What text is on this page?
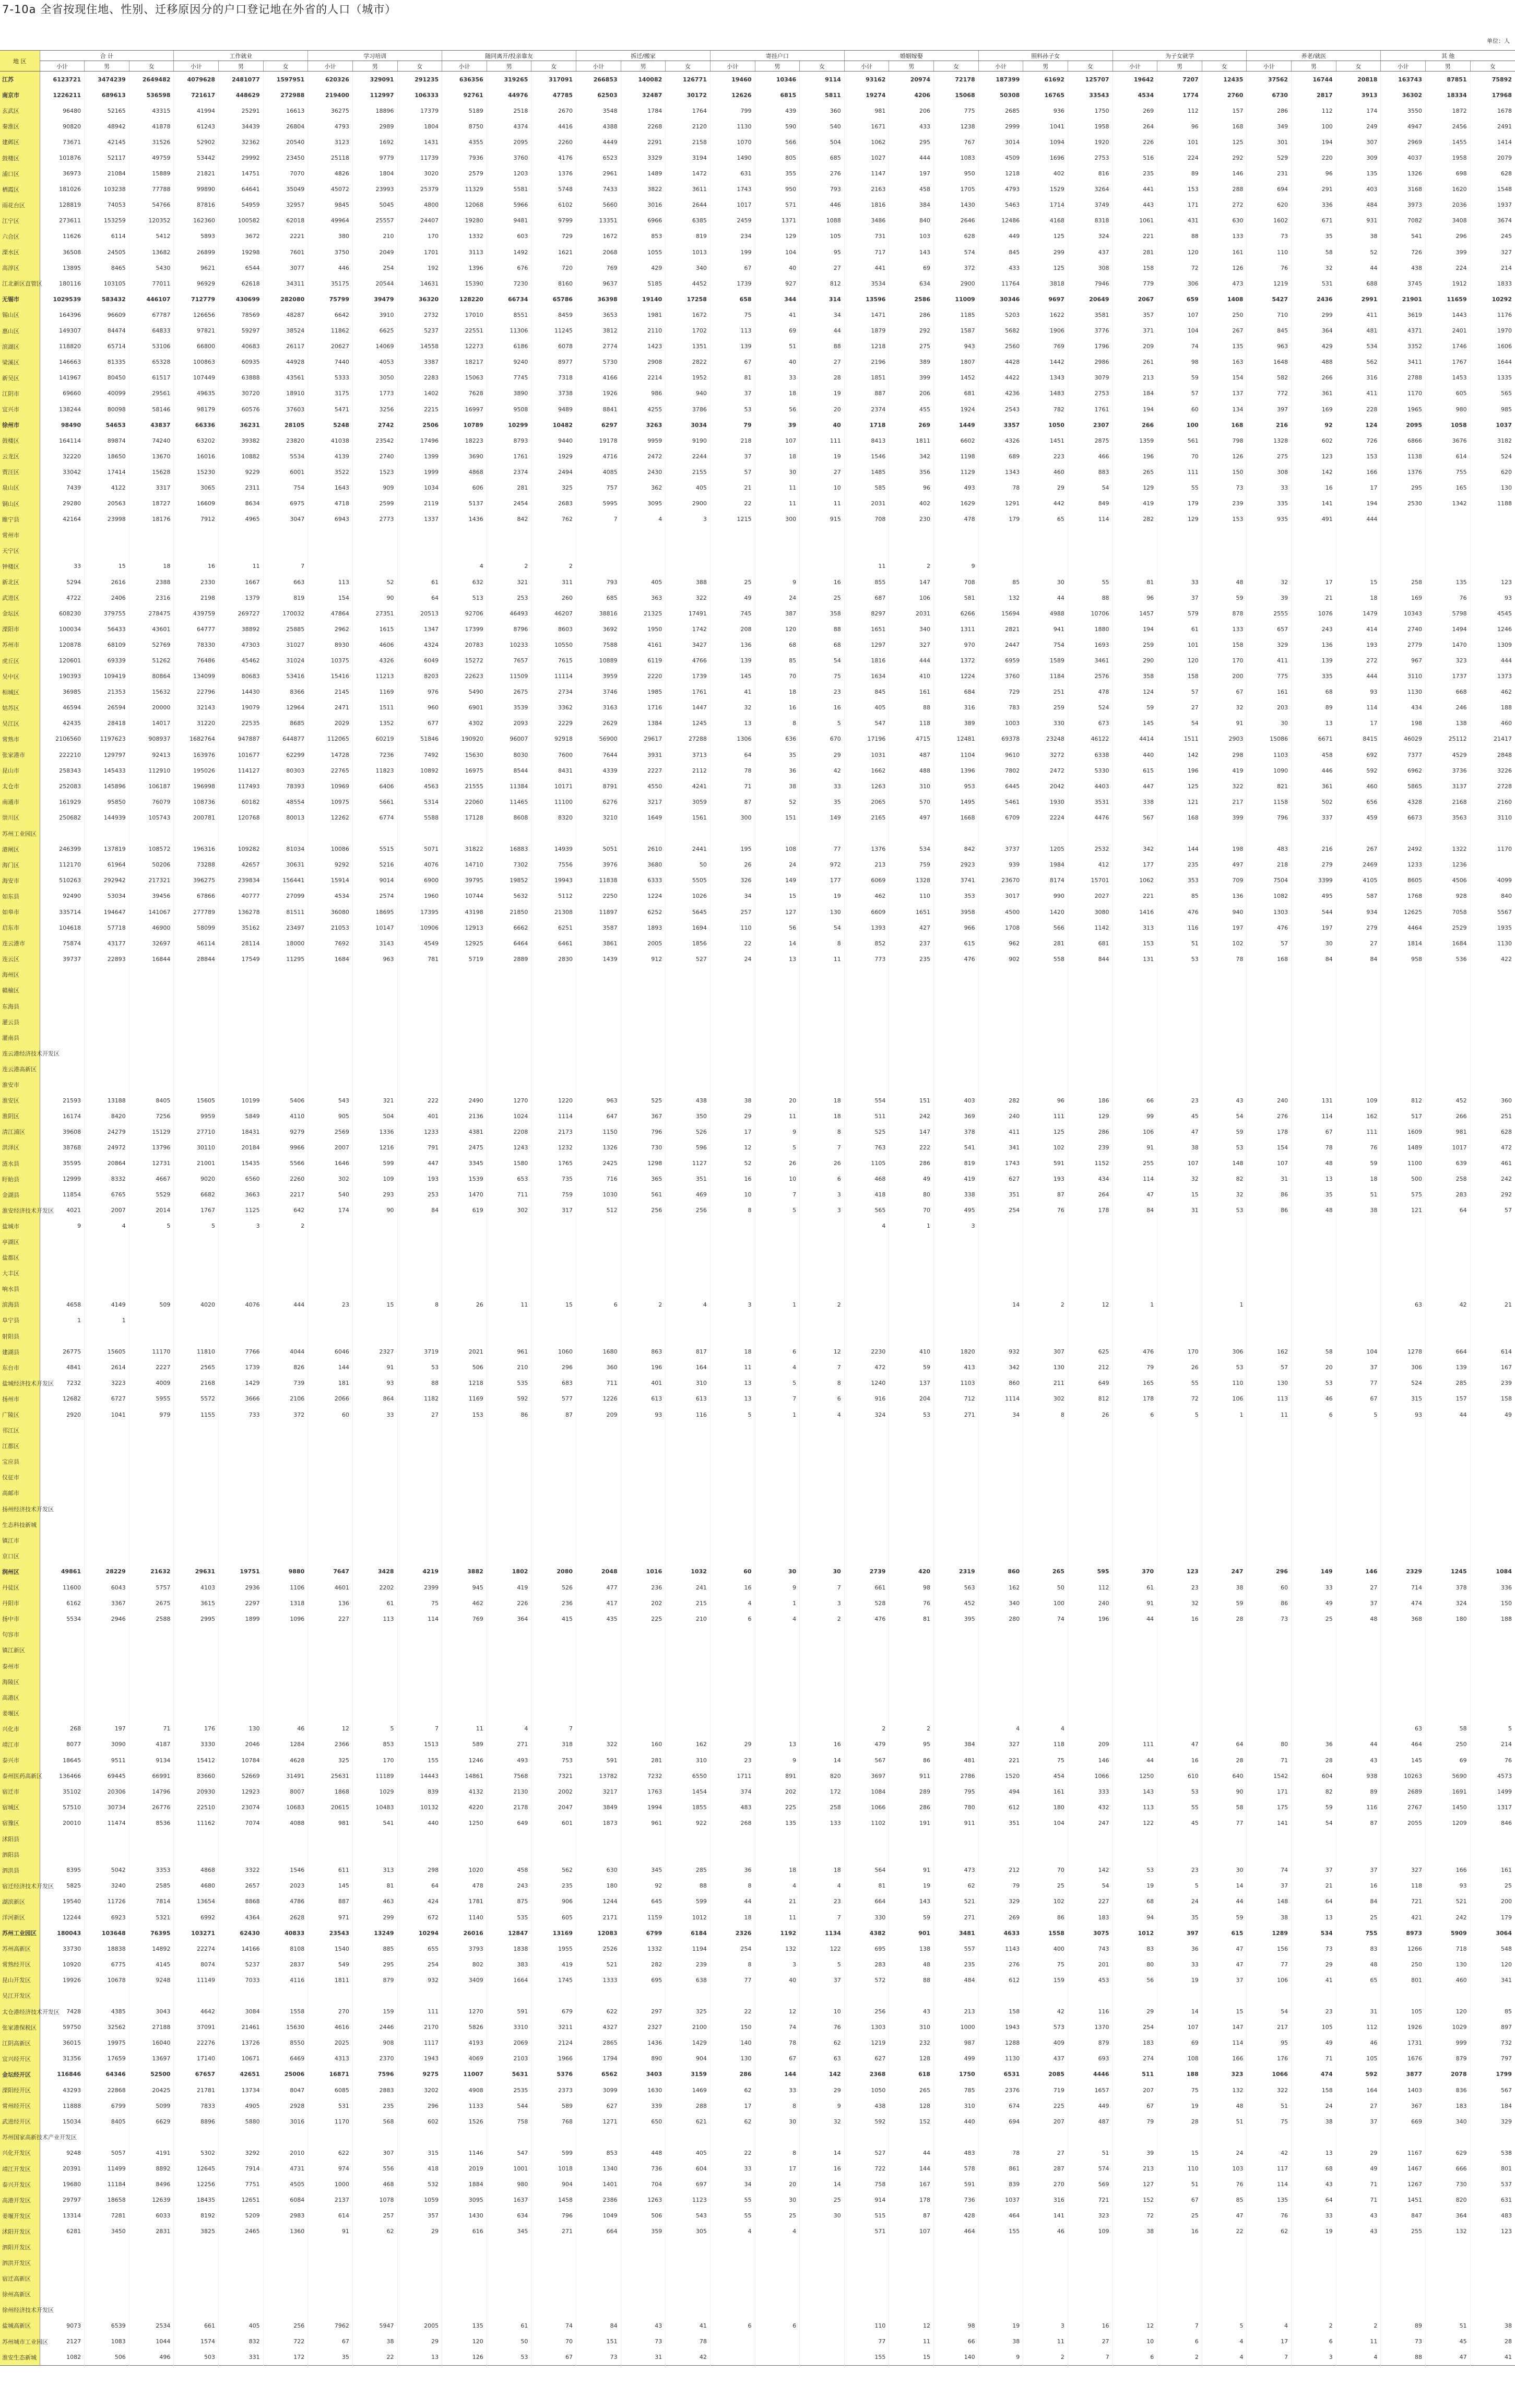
7-10a 全省按现住地、性别、迁移原因分的户口登记地在外省的人口（城市）
单位：人
地 区	合 计			工作就业			学习培训			随同离开/投亲靠友			拆迁/搬家			寄挂户口			婚姻嫁娶			照料孙子女			为子女就学			养老/就医			其 他		
	小计	男	女	小计	男	女	小计	男	女	小计	男	女	小计	男	女	小计	男	女	小计	男	女	小计	男	女	小计	男	女	小计	男	女	小计	男	女
江苏	6123721	3474239	2649482	4079628	2481077	1597951	620326	329091	291235	636356	319265	317091	266853	140082	126771	19460	10346	9114	93162	20974	72178	187399	61692	125707	19642	7207	12435	37562	16744	20818	163743	87851	75892
南京市	1226211	689613	536598	721617	448629	272988	219400	112997	106333	92761	44976	47785	62503	32487	30172	12626	6815	5811	19274	4206	15068	50308	16765	33543	4534	1774	2760	6730	2817	3913	36302	18334	17968
玄武区	96480	52165	43315	41994	25291	16613	36275	18896	17379	5189	2518	2670	3548	1784	1764	799	439	360	981	206	775	2685	936	1750	269	112	157	286	112	174	3550	1872	1678
秦淮区	90820	48942	41878	61243	34439	26804	4793	2989	1804	8750	4374	4416	4388	2268	2120	1130	590	540	1671	433	1238	2999	1041	1958	264	96	168	349	100	249	4947	2456	2491
建邺区	73671	42145	31526	52902	32362	20540	3123	1692	1431	4355	2095	2260	4449	2291	2158	1070	566	504	1062	295	767	3014	1094	1920	226	101	125	301	194	307	2969	1455	1414
鼓楼区	101876	52117	49759	53442	29992	23450	25118	9779	11739	7936	3760	4176	6523	3329	3194	1490	805	685	1027	444	1083	4509	1696	2753	516	224	292	529	220	309	4037	1958	2079
浦口区	36973	21084	15889	21821	14751	7070	4826	1804	3020	2579	1203	1376	2961	1489	1472	631	355	276	1147	197	950	1218	402	816	235	89	146	231	96	135	1326	698	628
栖霞区	181026	103238	77788	99890	64641	35049	45072	23993	25379	11329	5581	5748	7433	3822	3611	1743	950	793	2163	458	1705	4793	1529	3264	441	153	288	694	291	403	3168	1620	1548
雨花台区	128819	74053	54766	87816	54959	32957	9845	5045	4800	12068	5966	6102	5660	3016	2644	1017	571	446	1816	384	1430	5463	1714	3749	443	171	272	620	336	484	3973	2036	1937
江宁区	273611	153259	120352	162360	100582	62018	49964	25557	24407	19280	9481	9799	13351	6966	6385	2459	1371	1088	3486	840	2646	12486	4168	8318	1061	431	630	1602	671	931	7082	3408	3674
六合区	11626	6114	5412	5893	3672	2221	380	210	170	1332	603	729	1672	853	819	234	129	105	731	103	628	449	125	324	221	88	133	73	35	38	541	296	245
溧水区	36508	24505	13682	26899	19298	7601	3750	2049	1701	3113	1492	1621	2068	1055	1013	199	104	95	717	143	574	845	299	437	281	120	161	110	58	52	726	399	327
高淳区	13895	8465	5430	9621	6544	3077	446	254	192	1396	676	720	769	429	340	67	40	27	441	69	372	433	125	308	158	72	126	76	32	44	438	224	214
江北新区直管区	180116	103105	77011	96929	62618	34311	35175	20544	14631	15390	7230	8160	9637	5185	4452	1739	927	812	3534	634	2900	11764	3818	7946	779	306	473	1219	531	688	3745	1912	1833
无锡市	1029539	583432	446107	712779	430699	282080	75799	39479	36320	128220	66734	65786	36398	19140	17258	658	344	314	13596	2586	11009	30346	9697	20649	2067	659	1408	5427	2436	2991	21901	11659	10292
锡山区	164396	96609	67787	126656	78569	48287	6642	3910	2732	17010	8551	8459	3653	1981	1672	75	41	34	1471	286	1185	5203	1622	3581	357	107	250	710	299	411	3619	1443	1176
惠山区	149307	84474	64833	97821	59297	38524	11862	6625	5237	22551	11306	11245	3812	2110	1702	113	69	44	1879	292	1587	5682	1906	3776	371	104	267	845	364	481	4371	2401	1970
滨湖区	118820	65714	53106	66800	40683	26117	20627	14069	14558	12273	6186	6078	2774	1423	1351	139	51	88	1218	275	943	2560	769	1796	209	74	135	963	429	534	3352	1746	1606
梁溪区	146663	81335	65328	100863	60935	44928	7440	4053	3387	18217	9240	8977	5730	2908	2822	67	40	27	2196	389	1807	4428	1442	2986	261	98	163	1648	488	562	3411	1767	1644
新吴区	141967	80450	61517	107449	63888	43561	5333	3050	2283	15063	7745	7318	4166	2214	1952	81	33	28	1851	399	1452	4422	1343	3079	213	59	154	582	266	316	2788	1453	1335
江阴市	69660	40099	29561	49635	30720	18910	3175	1773	1402	7628	3890	3738	1926	986	940	37	18	19	887	206	681	4236	1483	2753	184	57	137	772	361	411	1170	605	565
宜兴市	138244	80098	58146	98179	60576	37603	5471	3256	2215	16997	9508	9489	8841	4255	3786	53	56	20	2374	455	1924	2543	782	1761	194	60	134	397	169	228	1965	980	985
徐州市	98490	54653	43837	66336	36231	28105	5248	2742	2506	10789	10299	10482	6297	3263	3034	79	39	40	1718	269	1449	3357	1050	2307	266	100	168	216	92	124	2095	1058	1037
鼓楼区	164114	89874	74240	63202	39382	23820	41038	23542	17496	18223	8793	9440	19178	9959	9190	218	107	111	8413	1811	6602	4326	1451	2875	1359	561	798	1328	602	726	6866	3676	3182
云龙区	32220	18650	13670	16016	10882	5534	4139	2740	1399	3690	1761	1929	4716	2472	2244	37	18	19	1546	342	1198	689	223	466	196	70	126	275	123	153	1138	614	524
贾汪区	33042	17414	15628	15230	9229	6001	3522	1523	1999	4868	2374	2494	4085	2430	2155	57	30	27	1485	356	1129	1343	460	883	265	111	150	308	142	166	1376	755	620
泉山区	7439	4122	3317	3065	2311	754	1643	909	1034	606	281	325	757	362	405	21	11	10	585	96	493	78	29	54	129	55	73	33	16	17	295	165	130
铜山区	29280	20563	18727	16609	8634	6975	4718	2599	2119	5137	2454	2683	5995	3095	2900	22	11	11	2031	402	1629	1291	442	849	419	179	239	335	141	194	2530	1342	1188
睢宁县	42164	23998	18176	7912	4965	3047	6943	2773	1337	1436	842	762	7	4	3	1215	300	915	708	230	478	179	65	114	282	129	153	935	491	444			
常州市																																	
天宁区																																	
钟楼区	33	15	18	16	11	7				4	2	2							11	2	9												
新北区	5294	2616	2388	2330	1667	663	113	52	61	632	321	311	793	405	388	25	9	16	855	147	708	85	30	55	81	33	48	32	17	15	258	135	123
武进区	4722	2406	2316	2198	1379	819	154	90	64	513	253	260	685	363	322	49	24	25	687	106	581	132	44	88	96	37	59	39	21	18	169	76	93
金坛区	608230	379755	278475	439759	269727	170032	47864	27351	20513	92706	46493	46207	38816	21325	17491	745	387	358	8297	2031	6266	15694	4988	10706	1457	579	878	2555	1076	1479	10343	5798	4545
溧阳市	100034	56433	43601	64777	38892	25885	2962	1615	1347	17399	8796	8603	3692	1950	1742	208	120	88	1651	340	1311	2821	941	1880	194	61	133	657	243	414	2740	1494	1246
苏州市	120878	68109	52769	78330	47303	31027	8930	4606	4324	20783	10233	10550	7588	4161	3427	136	68	68	1297	327	970	2447	754	1693	259	101	158	329	136	193	2779	1470	1309
虎丘区	120601	69339	51262	76486	45462	31024	10375	4326	6049	15272	7657	7615	10889	6119	4766	139	85	54	1816	444	1372	6959	1589	3461	290	120	170	411	139	272	967	323	444
吴中区	190393	109419	80864	134099	80683	53416	15416	11213	8203	22623	11509	11114	3959	2220	1739	145	70	75	1634	410	1224	3760	1184	2576	358	158	200	775	335	444	3110	1737	1373
相城区	36985	21353	15632	22796	14430	8366	2145	1169	976	5490	2675	2734	3746	1985	1761	41	18	23	845	161	684	729	251	478	124	57	67	161	68	93	1130	668	462
姑苏区	46594	26594	20000	32143	19079	12964	2471	1511	960	6901	3539	3362	3163	1716	1447	32	16	16	405	88	316	783	259	524	59	27	32	203	89	114	434	246	188
吴江区	42435	28418	14017	31220	22535	8685	2029	1352	677	4302	2093	2229	2629	1384	1245	13	8	5	547	118	389	1003	330	673	145	54	91	30	13	17	198	138	460
常熟市	2106560	1197623	908937	1682764	947887	644877	112065	60219	51846	190920	96007	92918	56900	29617	27288	1306	636	670	17196	4715	12481	69378	23248	46122	4414	1511	2903	15086	6671	8415	46029	25112	21417
张家港市	222210	129797	92413	163976	101677	62299	14728	7236	7492	15630	8030	7600	7644	3931	3713	64	35	29	1031	487	1104	9610	3272	6338	440	142	298	1103	458	692	7377	4529	2848
昆山市	258343	145433	112910	195026	114127	80303	22765	11823	10892	16975	8544	8431	4339	2227	2112	78	36	42	1662	488	1396	7802	2472	5330	615	196	419	1090	446	592	6962	3736	3226
太仓市	252083	145896	106187	196998	117493	78393	10969	6406	4563	21555	11384	10171	8791	4550	4241	71	38	33	1263	310	953	6445	2042	4403	447	125	322	821	361	460	5865	3137	2728
南通市	161929	95850	76079	108736	60182	48554	10975	5661	5314	22060	11465	11100	6276	3217	3059	87	52	35	2065	570	1495	5461	1930	3531	338	121	217	1158	502	656	4328	2168	2160
崇川区	250682	144939	105743	200781	120768	80013	12262	6774	5588	17128	8608	8320	3210	1649	1561	300	151	149	2165	497	1668	6709	2224	4476	567	168	399	796	337	459	6673	3563	3110
苏州工业园区																																	
港闸区	246399	137819	108572	196316	109282	81034	10086	5515	5071	31822	16883	14939	5051	2610	2441	195	108	77	1376	534	842	3737	1205	2532	342	144	198	483	216	267	2492	1322	1170
海门区	112170	61964	50206	73288	42657	30631	9292	5216	4076	14710	7302	7556	3976	3680	50	26	24	972	213	759	2923	939	1984	412	177	235	497	218	279	2469	1233	1236	
海安市	510263	292942	217321	396275	239834	156441	15914	9014	6900	39795	19852	19943	11838	6333	5505	326	149	177	6069	1328	3741	23670	8174	15701	1062	353	709	7504	3399	4105	8605	4506	4099
如东县	92490	53034	39456	67866	40777	27099	4534	2574	1960	10744	5632	5112	2250	1224	1026	34	15	19	462	110	353	3017	990	2027	221	85	136	1082	495	587	1768	928	840
如皋市	335714	194647	141067	277789	136278	81511	36080	18695	17395	43198	21850	21308	11897	6252	5645	257	127	130	6609	1651	3958	4500	1420	3080	1416	476	940	1303	544	934	12625	7058	5567
启东市	104618	57718	46900	58099	35162	23497	21053	10147	10906	12913	6662	6251	3587	1893	1694	110	56	54	1393	427	966	1708	566	1142	313	116	197	476	197	279	4464	2529	1935
连云港市	75874	43177	32697	46114	28114	18000	7692	3143	4549	12925	6464	6461	3861	2005	1856	22	14	8	852	237	615	962	281	681	153	51	102	57	30	27	1814	1684	1130
连云区	39737	22893	16844	28844	17549	11295	1684	963	781	5719	2889	2830	1439	912	527	24	13	11	773	235	476	902	558	844	131	53	78	168	84	84	958	536	422
海州区																																	
赣榆区																																	
东海县																																	
灌云县																																	
灌南县																																	
连云港经济技术开发区																																	
连云港高新区																																	
淮安市																																	
淮安区	21593	13188	8405	15605	10199	5406	543	321	222	2490	1270	1220	963	525	438	38	20	18	554	151	403	282	96	186	66	23	43	240	131	109	812	452	360
淮阴区	16174	8420	7256	9959	5849	4110	905	504	401	2136	1024	1114	647	367	350	29	11	18	511	242	369	240	111	129	99	45	54	276	114	162	517	266	251
清江浦区	39608	24279	15129	27710	18431	9279	2569	1336	1233	4381	2208	2173	1150	796	526	17	9	8	525	147	378	411	125	286	106	47	59	178	67	111	1609	981	628
洪泽区	38768	24972	13796	30110	20184	9966	2007	1216	791	2475	1243	1232	1326	730	596	12	5	7	763	222	541	341	102	239	91	38	53	154	78	76	1489	1017	472
涟水县	35595	20864	12731	21001	15435	5566	1646	599	447	3345	1580	1765	2425	1298	1127	52	26	26	1105	286	819	1743	591	1152	255	107	148	107	48	59	1100	639	461
盱眙县	12999	8332	4667	9020	6560	2260	302	109	193	1539	653	735	716	365	351	16	10	6	468	49	419	627	193	434	114	32	82	31	13	18	500	258	242
金湖县	11854	6765	5529	6682	3663	2217	540	293	253	1470	711	759	1030	561	469	10	7	3	418	80	338	351	87	264	47	15	32	86	35	51	575	283	292
淮安经济技术开发区	4021	2007	2014	1767	1125	642	174	90	84	619	302	317	512	256	256	8	5	3	565	70	495	254	76	178	84	31	53	86	48	38	121	64	57
盐城市	9	4	5	5	3	2													4	1	3												
亭湖区																																	
盐都区																																	
大丰区																																	
响水县																																	
滨海县	4658	4149	509	4020	4076	444	23	15	8	26	11	15	6	2	4	3	1	2				14	2	12	1		1				63	42	21
阜宁县	1	1																															
射阳县																																	
建湖县	26775	15605	11170	11810	7766	4044	6046	2327	3719	2021	961	1060	1680	863	817	18	6	12	2230	410	1820	932	307	625	476	170	306	162	58	104	1278	664	614
东台市	4841	2614	2227	2565	1739	826	144	91	53	506	210	296	360	196	164	11	4	7	472	59	413	342	130	212	79	26	53	57	20	37	306	139	167
盐城经济技术开发区	7232	3223	4009	2168	1429	739	181	93	88	1218	535	683	711	401	310	13	5	8	1240	137	1103	860	211	649	165	55	110	130	53	77	524	285	239
扬州市	12682	6727	5955	5572	3666	2106	2066	864	1182	1169	592	577	1226	613	613	13	7	6	916	204	712	1114	302	812	178	72	106	113	46	67	315	157	158
广陵区	2920	1041	979	1155	733	372	60	33	27	153	86	87	209	93	116	5	1	4	324	53	271	34	8	26	6	5	1	11	6	5	93	44	49
邗江区																																	
江都区																																	
宝应县																																	
仪征市																																	
高邮市																																	
扬州经济技术开发区																																	
生态科技新城																																	
镇江市																																	
京口区																																	
润州区	49861	28229	21632	29631	19751	9880	7647	3428	4219	3882	1802	2080	2048	1016	1032	60	30	30	2739	420	2319	860	265	595	370	123	247	296	149	146	2329	1245	1084
丹徒区	11600	6043	5757	4103	2936	1106	4601	2202	2399	945	419	526	477	236	241	16	9	7	661	98	563	162	50	112	61	23	38	60	33	27	714	378	336
丹阳市	6162	3367	2675	3615	2297	1318	136	61	75	462	226	236	417	202	215	4	1	3	528	76	452	340	100	240	91	32	59	86	49	37	474	324	150
扬中市	5534	2946	2588	2995	1899	1096	227	113	114	769	364	415	435	225	210	6	4	2	476	81	395	280	74	196	44	16	28	73	25	48	368	180	188
句容市																																	
镇江新区																																	
泰州市																																	
海陵区																																	
高港区																																	
姜堰区																																	
兴化市	268	197	71	176	130	46	12	5	7	11	4	7							2	2		4	4								63	58	5
靖江市	8077	3090	4187	3330	2046	1284	2366	853	1513	589	271	318	322	160	162	29	13	16	479	95	384	327	118	209	111	47	64	80	36	44	464	250	214
泰兴市	18645	9511	9134	15412	10784	4628	325	170	155	1246	493	753	591	281	310	23	9	14	567	86	481	221	75	146	44	16	28	71	28	43	145	69	76
泰州医药高新区	136466	69445	66991	83660	52669	31491	25631	11189	14443	14861	7568	7321	13782	7232	6550	1711	891	820	3697	911	2786	1520	454	1066	1250	610	640	1542	604	938	10263	5690	4573
宿迁市	35102	20306	14796	20930	12923	8007	1868	1029	839	4132	2130	2002	3217	1763	1454	374	202	172	1084	289	795	494	161	333	143	53	90	171	82	89	2689	1691	1499
宿城区	57510	30734	26776	22510	23074	10683	20615	10483	10132	4220	2178	2047	3849	1994	1855	483	225	258	1066	286	780	612	180	432	113	55	58	175	59	116	2767	1450	1317
宿豫区	20010	11474	8536	11162	7074	4088	981	541	440	1250	649	601	1873	961	922	268	135	133	1102	191	911	351	104	247	122	45	77	141	54	87	2055	1209	846
沭阳县																																	
泗阳县																																	
泗洪县	8395	5042	3353	4868	3322	1546	611	313	298	1020	458	562	630	345	285	36	18	18	564	91	473	212	70	142	53	23	30	74	37	37	327	166	161
宿迁经济技术开发区	5825	3240	2585	4680	2657	2023	145	81	64	478	243	235	180	92	88	8	4	4	81	19	62	79	25	54	19	5	14	37	21	16	118	93	25
湖滨新区	19540	11726	7814	13654	8868	4786	887	463	424	1781	875	906	1244	645	599	44	21	23	664	143	521	329	102	227	68	24	44	148	64	84	721	521	200
洋河新区	12244	6923	5321	6992	4364	2628	971	299	672	1140	535	605	2171	1159	1012	18	11	7	330	59	271	269	86	183	94	35	59	38	13	25	421	242	179
苏州工业园区	180043	103648	76395	103271	62430	40833	23543	13249	10294	26016	12847	13169	12083	6799	6184	2326	1192	1134	4382	901	3481	4633	1558	3075	1012	397	615	1289	534	755	8973	5909	3064
苏州高新区	33730	18838	14892	22274	14166	8108	1540	885	655	3793	1838	1955	2526	1332	1194	254	132	122	695	138	557	1143	400	743	83	36	47	156	73	83	1266	718	548
常熟经开区	10920	6775	4145	8074	5237	2837	549	295	254	802	383	419	521	282	239	8	3	5	283	48	235	276	75	201	80	33	47	77	29	48	250	130	120
昆山开发区	19926	10678	9248	11149	7033	4116	1811	879	932	3409	1664	1745	1333	695	638	77	40	37	572	88	484	612	159	453	56	19	37	106	41	65	801	460	341
吴江开发区																																	
太仓港经济技术开发区	7428	4385	3043	4642	3084	1558	270	159	111	1270	591	679	622	297	325	22	12	10	256	43	213	158	42	116	29	14	15	54	23	31	105	120	85
张家港保税区	59750	32562	27188	37091	21461	15630	4616	2446	2170	5826	3310	3211	4327	2327	2100	150	74	76	1303	310	1000	1943	573	1370	254	107	147	217	105	112	1926	1029	897
江阴高新区	36015	19975	16040	22276	13726	8550	2025	908	1117	4193	2069	2124	2865	1436	1429	140	78	62	1219	232	987	1288	409	879	183	69	114	95	49	46	1731	999	732
宜兴经开区	31356	17659	13697	17140	10671	6469	4313	2370	1943	4069	2103	1966	1794	890	904	130	67	63	627	128	499	1130	437	693	274	108	166	176	71	105	1676	879	797
金坛经开区	116846	64346	52500	67657	42651	25006	16871	7596	9275	11007	5631	5376	6562	3403	3159	286	144	142	2368	618	1750	6531	2085	4446	511	188	323	1066	474	592	3877	2078	1799
溧阳经开区	43293	22868	20425	21781	13734	8047	6085	2883	3202	4908	2535	2373	3099	1630	1469	62	33	29	1050	265	785	2376	719	1657	207	75	132	322	158	164	1403	836	567
常州经开区	11888	6799	5099	7833	4905	2928	531	235	296	1133	544	589	627	339	288	17	8	9	438	128	310	674	225	449	67	19	48	51	24	27	367	183	184
武进经开区	15034	8405	6629	8896	5880	3016	1170	568	602	1526	758	768	1271	650	621	62	30	32	592	152	440	694	207	487	79	28	51	75	38	37	669	340	329
苏州国家高新技术产业开发区																																	
兴化开发区	9248	5057	4191	5302	3292	2010	622	307	315	1146	547	599	853	448	405	22	8	14	527	44	483	78	27	51	39	15	24	42	13	29	1167	629	538
靖江开发区	20391	11499	8892	12645	7914	4731	974	556	418	2019	1001	1018	1340	736	604	33	17	16	722	144	578	861	287	574	213	110	103	117	68	49	1467	666	801
泰兴开发区	19680	11184	8496	12256	7751	4505	1000	468	532	1884	980	904	1401	704	697	34	20	14	758	167	591	839	270	569	127	51	76	114	43	71	1267	730	537
高港开发区	29797	18658	12639	18435	12651	6084	2137	1078	1059	3095	1637	1458	2386	1263	1123	55	30	25	914	178	736	1037	316	721	152	67	85	135	64	71	1451	820	631
姜堰开发区	13314	7281	6033	8192	5209	2983	614	257	357	1430	634	796	1049	506	543	55	25	30	515	87	428	464	141	323	72	25	47	76	33	43	847	364	483
沭阳开发区	6281	3450	2831	3825	2465	1360	91	62	29	616	345	271	664	359	305	4	4		571	107	464	155	46	109	38	16	22	62	19	43	255	132	123
泗阳开发区																																	
泗洪开发区																																	
宿迁高新区																																	
徐州高新区																																	
徐州经济技术开发区																																	
盐城高新区	9073	6539	2534	661	405	256	7962	5947	2005	135	61	74	84	43	41	6	6		110	12	98	19	3	16	12	7	5	4	2	2	89	51	38
苏州城市工业园区	2127	1083	1044	1574	832	722	67	38	29	120	50	70	151	73	78				77	11	66	38	11	27	10	6	4	17	6	11	73	45	28
淮安生态新城	1082	506	496	503	331	172	35	22	13	126	53	67	73	31	42				155	15	140	9	2	7	6	2	4	7	3	4	88	47	41
